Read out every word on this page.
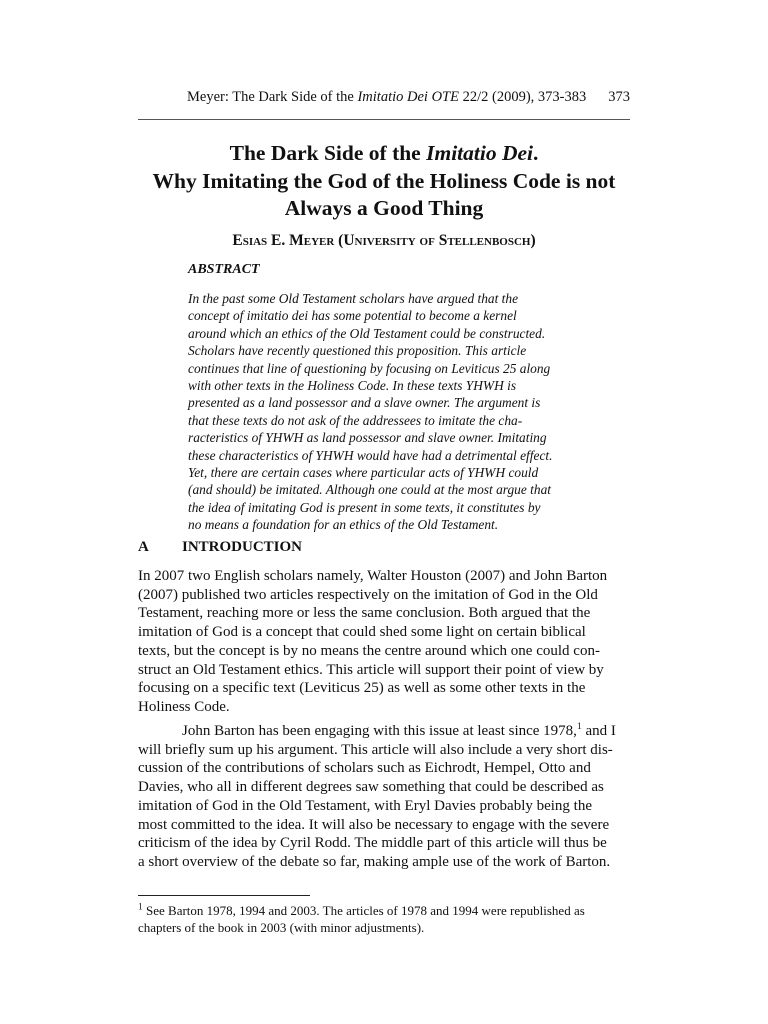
Meyer: The Dark Side of the Imitatio Dei OTE 22/2 (2009), 373-383 373
The Dark Side of the Imitatio Dei.
Why Imitating the God of the Holiness Code is not
Always a Good Thing
Esias E. Meyer (University of Stellenbosch)
ABSTRACT
In the past some Old Testament scholars have argued that the
concept of imitatio dei has some potential to become a kernel
around which an ethics of the Old Testament could be constructed.
Scholars have recently questioned this proposition. This article
continues that line of questioning by focusing on Leviticus 25 along
with other texts in the Holiness Code. In these texts YHWH is
presented as a land possessor and a slave owner. The argument is
that these texts do not ask of the addressees to imitate the cha-
racteristics of YHWH as land possessor and slave owner. Imitating
these characteristics of YHWH would have had a detrimental effect.
Yet, there are certain cases where particular acts of YHWH could
(and should) be imitated. Although one could at the most argue that
the idea of imitating God is present in some texts, it constitutes by
no means a foundation for an ethics of the Old Testament.
A INTRODUCTION
In 2007 two English scholars namely, Walter Houston (2007) and John Barton
(2007) published two articles respectively on the imitation of God in the Old
Testament, reaching more or less the same conclusion. Both argued that the
imitation of God is a concept that could shed some light on certain biblical
texts, but the concept is by no means the centre around which one could con-
struct an Old Testament ethics. This article will support their point of view by
focusing on a specific text (Leviticus 25) as well as some other texts in the
Holiness Code.
John Barton has been engaging with this issue at least since 1978,$^1$ and I
will briefly sum up his argument. This article will also include a very short dis-
cussion of the contributions of scholars such as Eichrodt, Hempel, Otto and
Davies, who all in different degrees saw something that could be described as
imitation of God in the Old Testament, with Eryl Davies probably being the
most committed to the idea. It will also be necessary to engage with the severe
criticism of the idea by Cyril Rodd. The middle part of this article will thus be
a short overview of the debate so far, making ample use of the work of Barton.
$^1$ See Barton 1978, 1994 and 2003. The articles of 1978 and 1994 were republished as
chapters of the book in 2003 (with minor adjustments).
